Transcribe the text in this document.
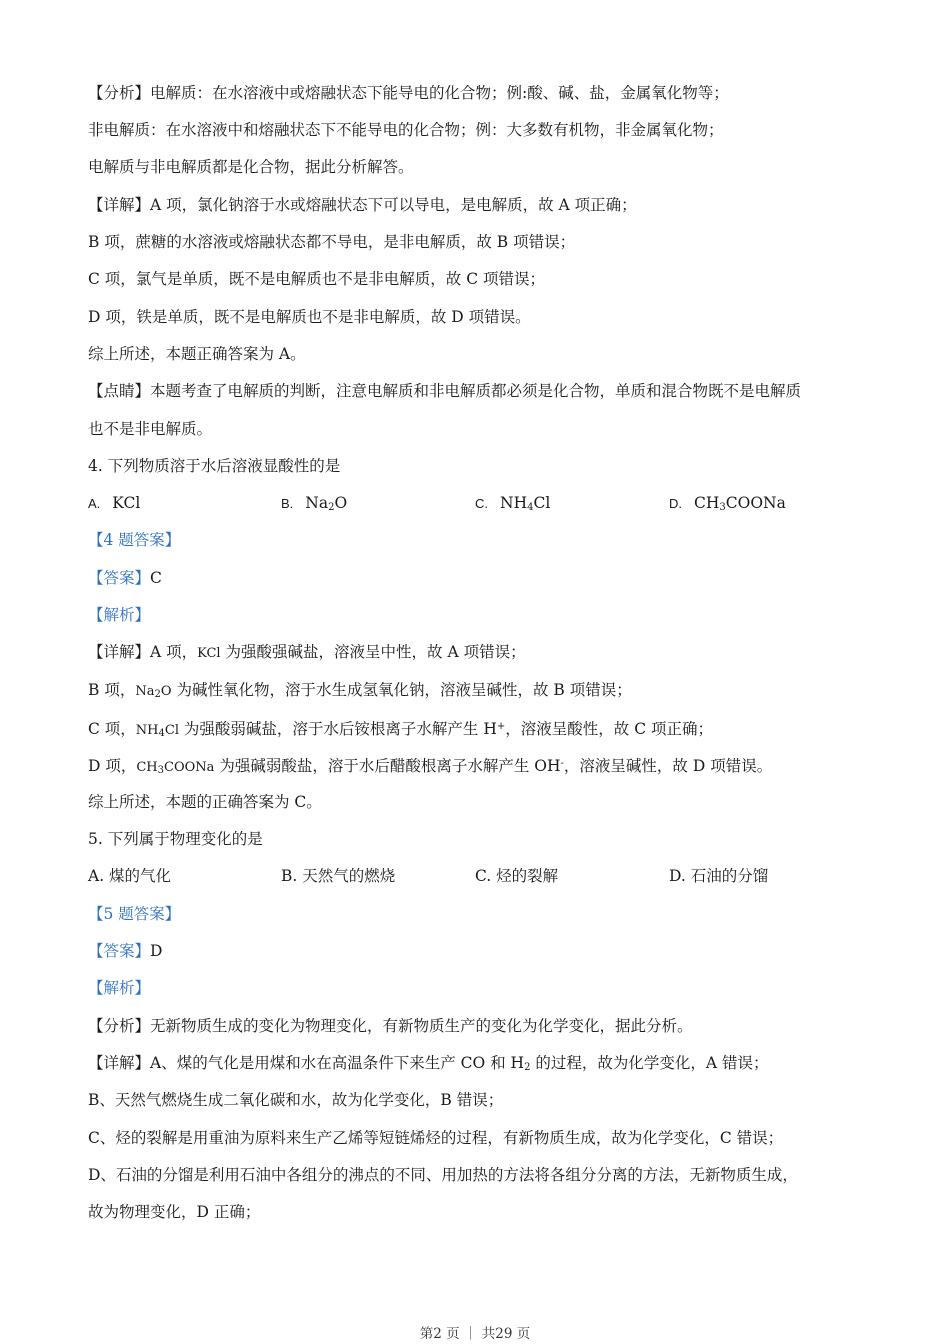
【分析】电解质：在水溶液中或熔融状态下能导电的化合物；例:酸、碱、盐，金属氧化物等；
非电解质：在水溶液中和熔融状态下不能导电的化合物；例：大多数有机物，非金属氧化物；
电解质与非电解质都是化合物，据此分析解答。
【详解】A 项，氯化钠溶于水或熔融状态下可以导电，是电解质，故 A 项正确；
B 项，蔗糖的水溶液或熔融状态都不导电，是非电解质，故 B 项错误；
C 项，氯气是单质，既不是电解质也不是非电解质，故 C 项错误；
D 项，铁是单质，既不是电解质也不是非电解质，故 D 项错误。
综上所述，本题正确答案为 A。
【点睛】本题考查了电解质的判断，注意电解质和非电解质都必须是化合物，单质和混合物既不是电解质
也不是非电解质。
4. 下列物质溶于水后溶液显酸性的是
A. KCl	B. $Na_2O$	C. $NH_4Cl$	D. $CH_3COONa$
【4 题答案】
【答案】C
【解析】
【详解】A 项，KCl 为强酸强碱盐，溶液呈中性，故 A 项错误；
B 项，$Na_2O$ 为碱性氧化物，溶于水生成氢氧化钠，溶液呈碱性，故 B 项错误；
C 项，$NH_4Cl$ 为强酸弱碱盐，溶于水后铵根离子水解产生 H+，溶液呈酸性，故 C 项正确；
D 项，$CH_3COONa$ 为强碱弱酸盐，溶于水后醋酸根离子水解产生 OH-，溶液呈碱性，故 D 项错误。
综上所述，本题的正确答案为 C。
5. 下列属于物理变化的是
A. 煤的气化	B. 天然气的燃烧	C. 烃的裂解	D. 石油的分馏
【5 题答案】
【答案】D
【解析】
【分析】无新物质生成的变化为物理变化，有新物质生产的变化为化学变化，据此分析。
【详解】A、煤的气化是用煤和水在高温条件下来生产 CO 和 $H_2$ 的过程，故为化学变化，A 错误；
B、天然气燃烧生成二氧化碳和水，故为化学变化，B 错误；
C、烃的裂解是用重油为原料来生产乙烯等短链烯烃的过程，有新物质生成，故为化学变化，C 错误；
D、石油的分馏是利用石油中各组分的沸点的不同、用加热的方法将各组分分离的方法，无新物质生成，
故为物理变化，D 正确；
第2 页 ｜ 共29 页
